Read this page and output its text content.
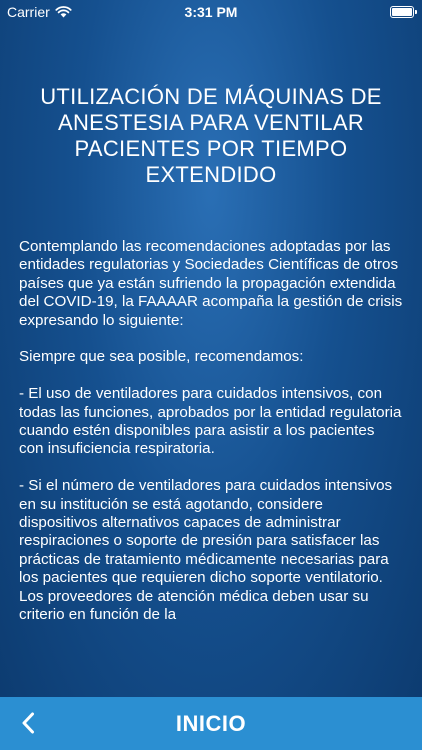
Carrier	3:31 PM
UTILIZACIÓN DE MÁQUINAS DE ANESTESIA PARA VENTILAR PACIENTES POR TIEMPO EXTENDIDO

Contemplando las recomendaciones adoptadas por las entidades regulatorias y Sociedades Científicas de otros países que ya están sufriendo la propagación extendida del COVID-19, la FAAAAR acompaña la gestión de crisis expresando lo siguiente:

Siempre que sea posible, recomendamos:

- El uso de ventiladores para cuidados intensivos, con todas las funciones, aprobados por la entidad regulatoria cuando estén disponibles para asistir a los pacientes con insuficiencia respiratoria.

- Si el número de ventiladores para cuidados intensivos en su institución se está agotando, considere dispositivos alternativos capaces de administrar respiraciones o soporte de presión para satisfacer las prácticas de tratamiento médicamente necesarias para los pacientes que requieren dicho soporte ventilatorio. Los proveedores de atención médica deben usar su criterio en función de la

INICIO
